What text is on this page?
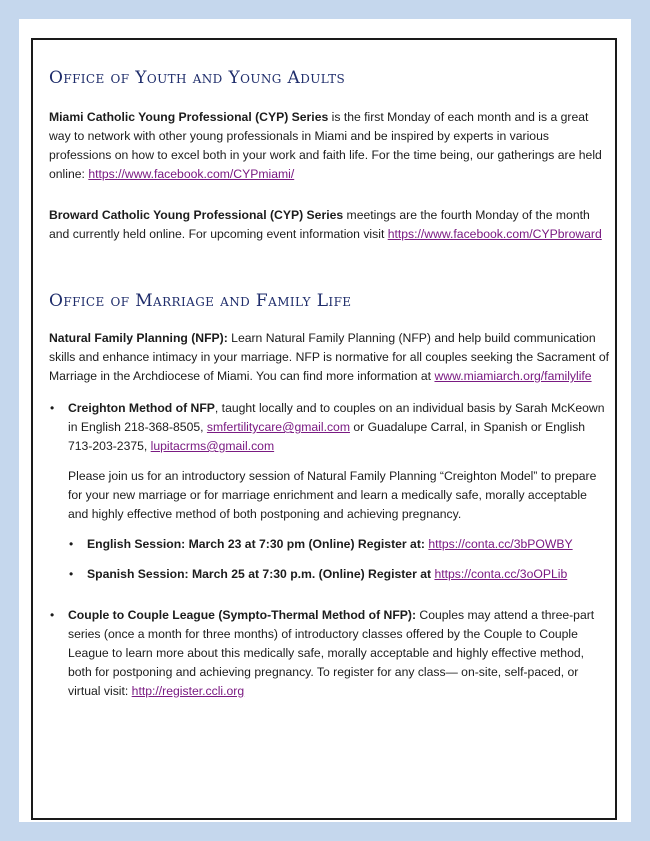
Office of Youth and Young Adults

Miami Catholic Young Professional (CYP) Series is the first Monday of each month and is a great way to network with other young professionals in Miami and be inspired by experts in various professions on how to excel both in your work and faith life. For the time being, our gatherings are held online: https://www.facebook.com/CYPmiami/

Broward Catholic Young Professional (CYP) Series meetings are the fourth Monday of the month and currently held online. For upcoming event information visit https://www.facebook.com/CYPbroward

Office of Marriage and Family Life

Natural Family Planning (NFP): Learn Natural Family Planning (NFP) and help build communication skills and enhance intimacy in your marriage. NFP is normative for all couples seeking the Sacrament of Marriage in the Archdiocese of Miami. You can find more information at www.miamiarch.org/familylife

• Creighton Method of NFP, taught locally and to couples on an individual basis by Sarah McKeown in English 218-368-8505, smfertilitycare@gmail.com or Guadalupe Carral, in Spanish or English 713-203-2375, lupitacrms@gmail.com

Please join us for an introductory session of Natural Family Planning “Creighton Model” to prepare for your new marriage or for marriage enrichment and learn a medically safe, morally acceptable and highly effective method of both postponing and achieving pregnancy.

• English Session: March 23 at 7:30 pm (Online) Register at: https://conta.cc/3bPOWBY
• Spanish Session: March 25 at 7:30 p.m. (Online) Register at https://conta.cc/3oOPLib
• Couple to Couple League (Sympto-Thermal Method of NFP): Couples may attend a three-part series (once a month for three months) of introductory classes offered by the Couple to Couple League to learn more about this medically safe, morally acceptable and highly effective method, both for postponing and achieving pregnancy. To register for any class— on-site, self-paced, or virtual visit: http://register.ccli.org
